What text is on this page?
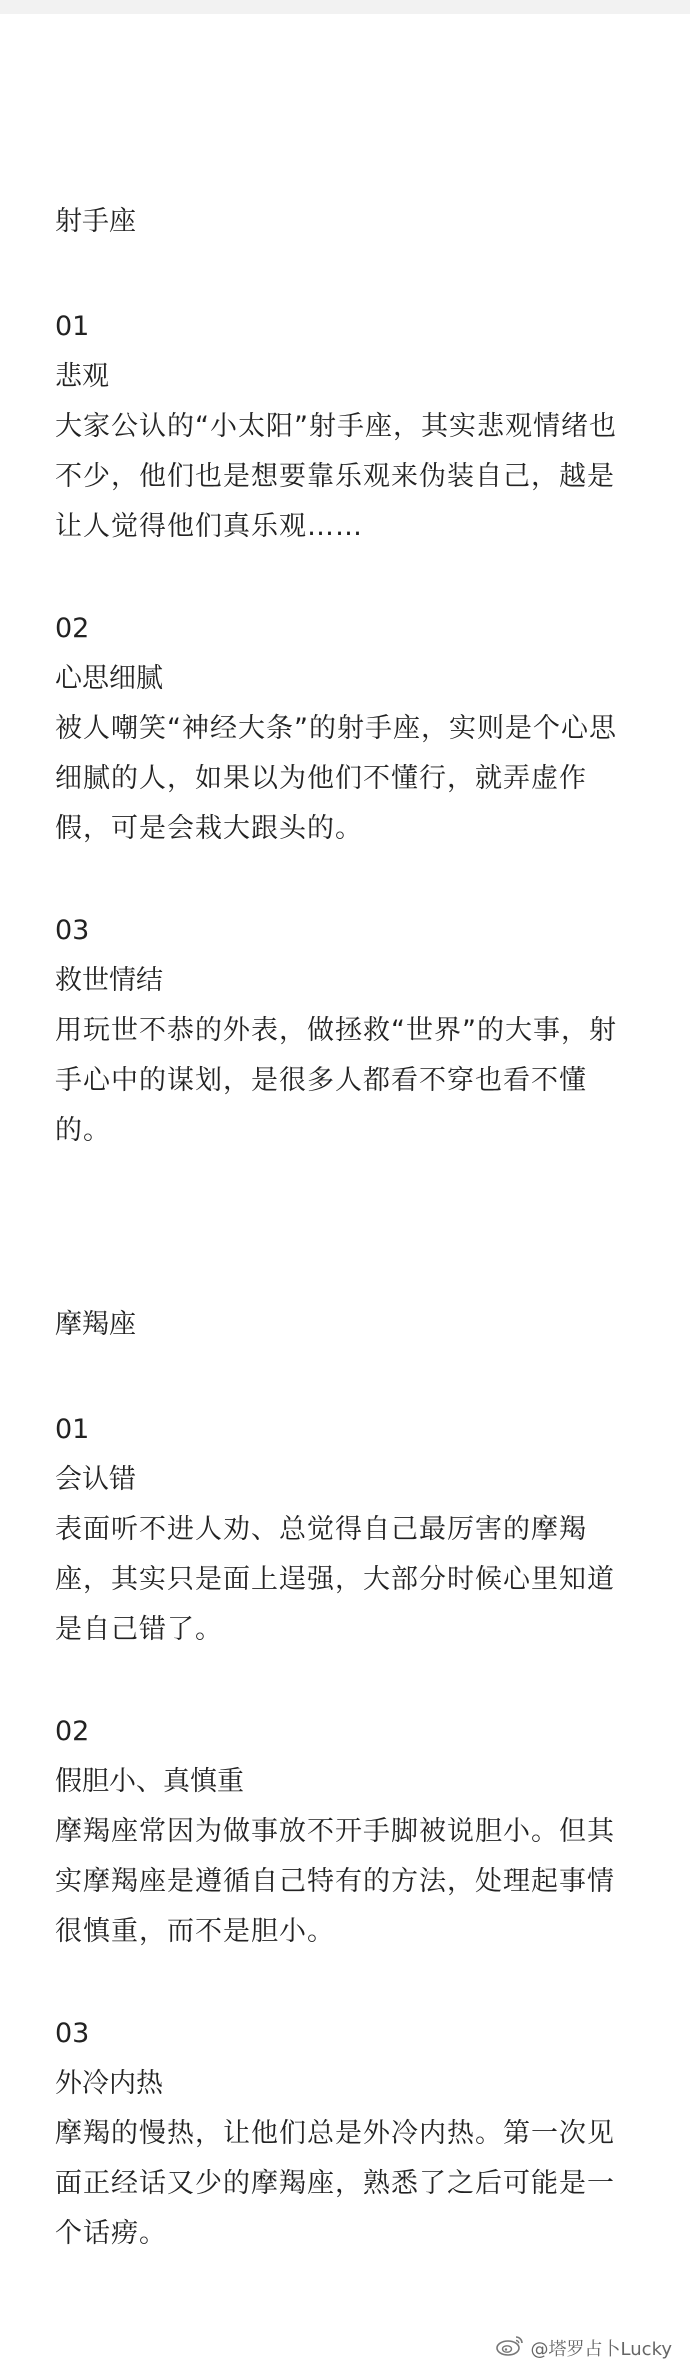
射手座
01
悲观
大家公认的“小太阳”射手座，其实悲观情绪也
不少，他们也是想要靠乐观来伪装自己，越是
让人觉得他们真乐观……
02
心思细腻
被人嘲笑“神经大条”的射手座，实则是个心思
细腻的人，如果以为他们不懂行，就弄虚作
假，可是会栽大跟头的。
03
救世情结
用玩世不恭的外表，做拯救“世界”的大事，射
手心中的谋划，是很多人都看不穿也看不懂
的。
摩羯座
01
会认错
表面听不进人劝、总觉得自己最厉害的摩羯
座，其实只是面上逞强，大部分时候心里知道
是自己错了。
02
假胆小、真慎重
摩羯座常因为做事放不开手脚被说胆小。但其
实摩羯座是遵循自己特有的方法，处理起事情
很慎重，而不是胆小。
03
外冷内热
摩羯的慢热，让他们总是外冷内热。第一次见
面正经话又少的摩羯座，熟悉了之后可能是一
个话痨。
@塔罗占卜Lucky
